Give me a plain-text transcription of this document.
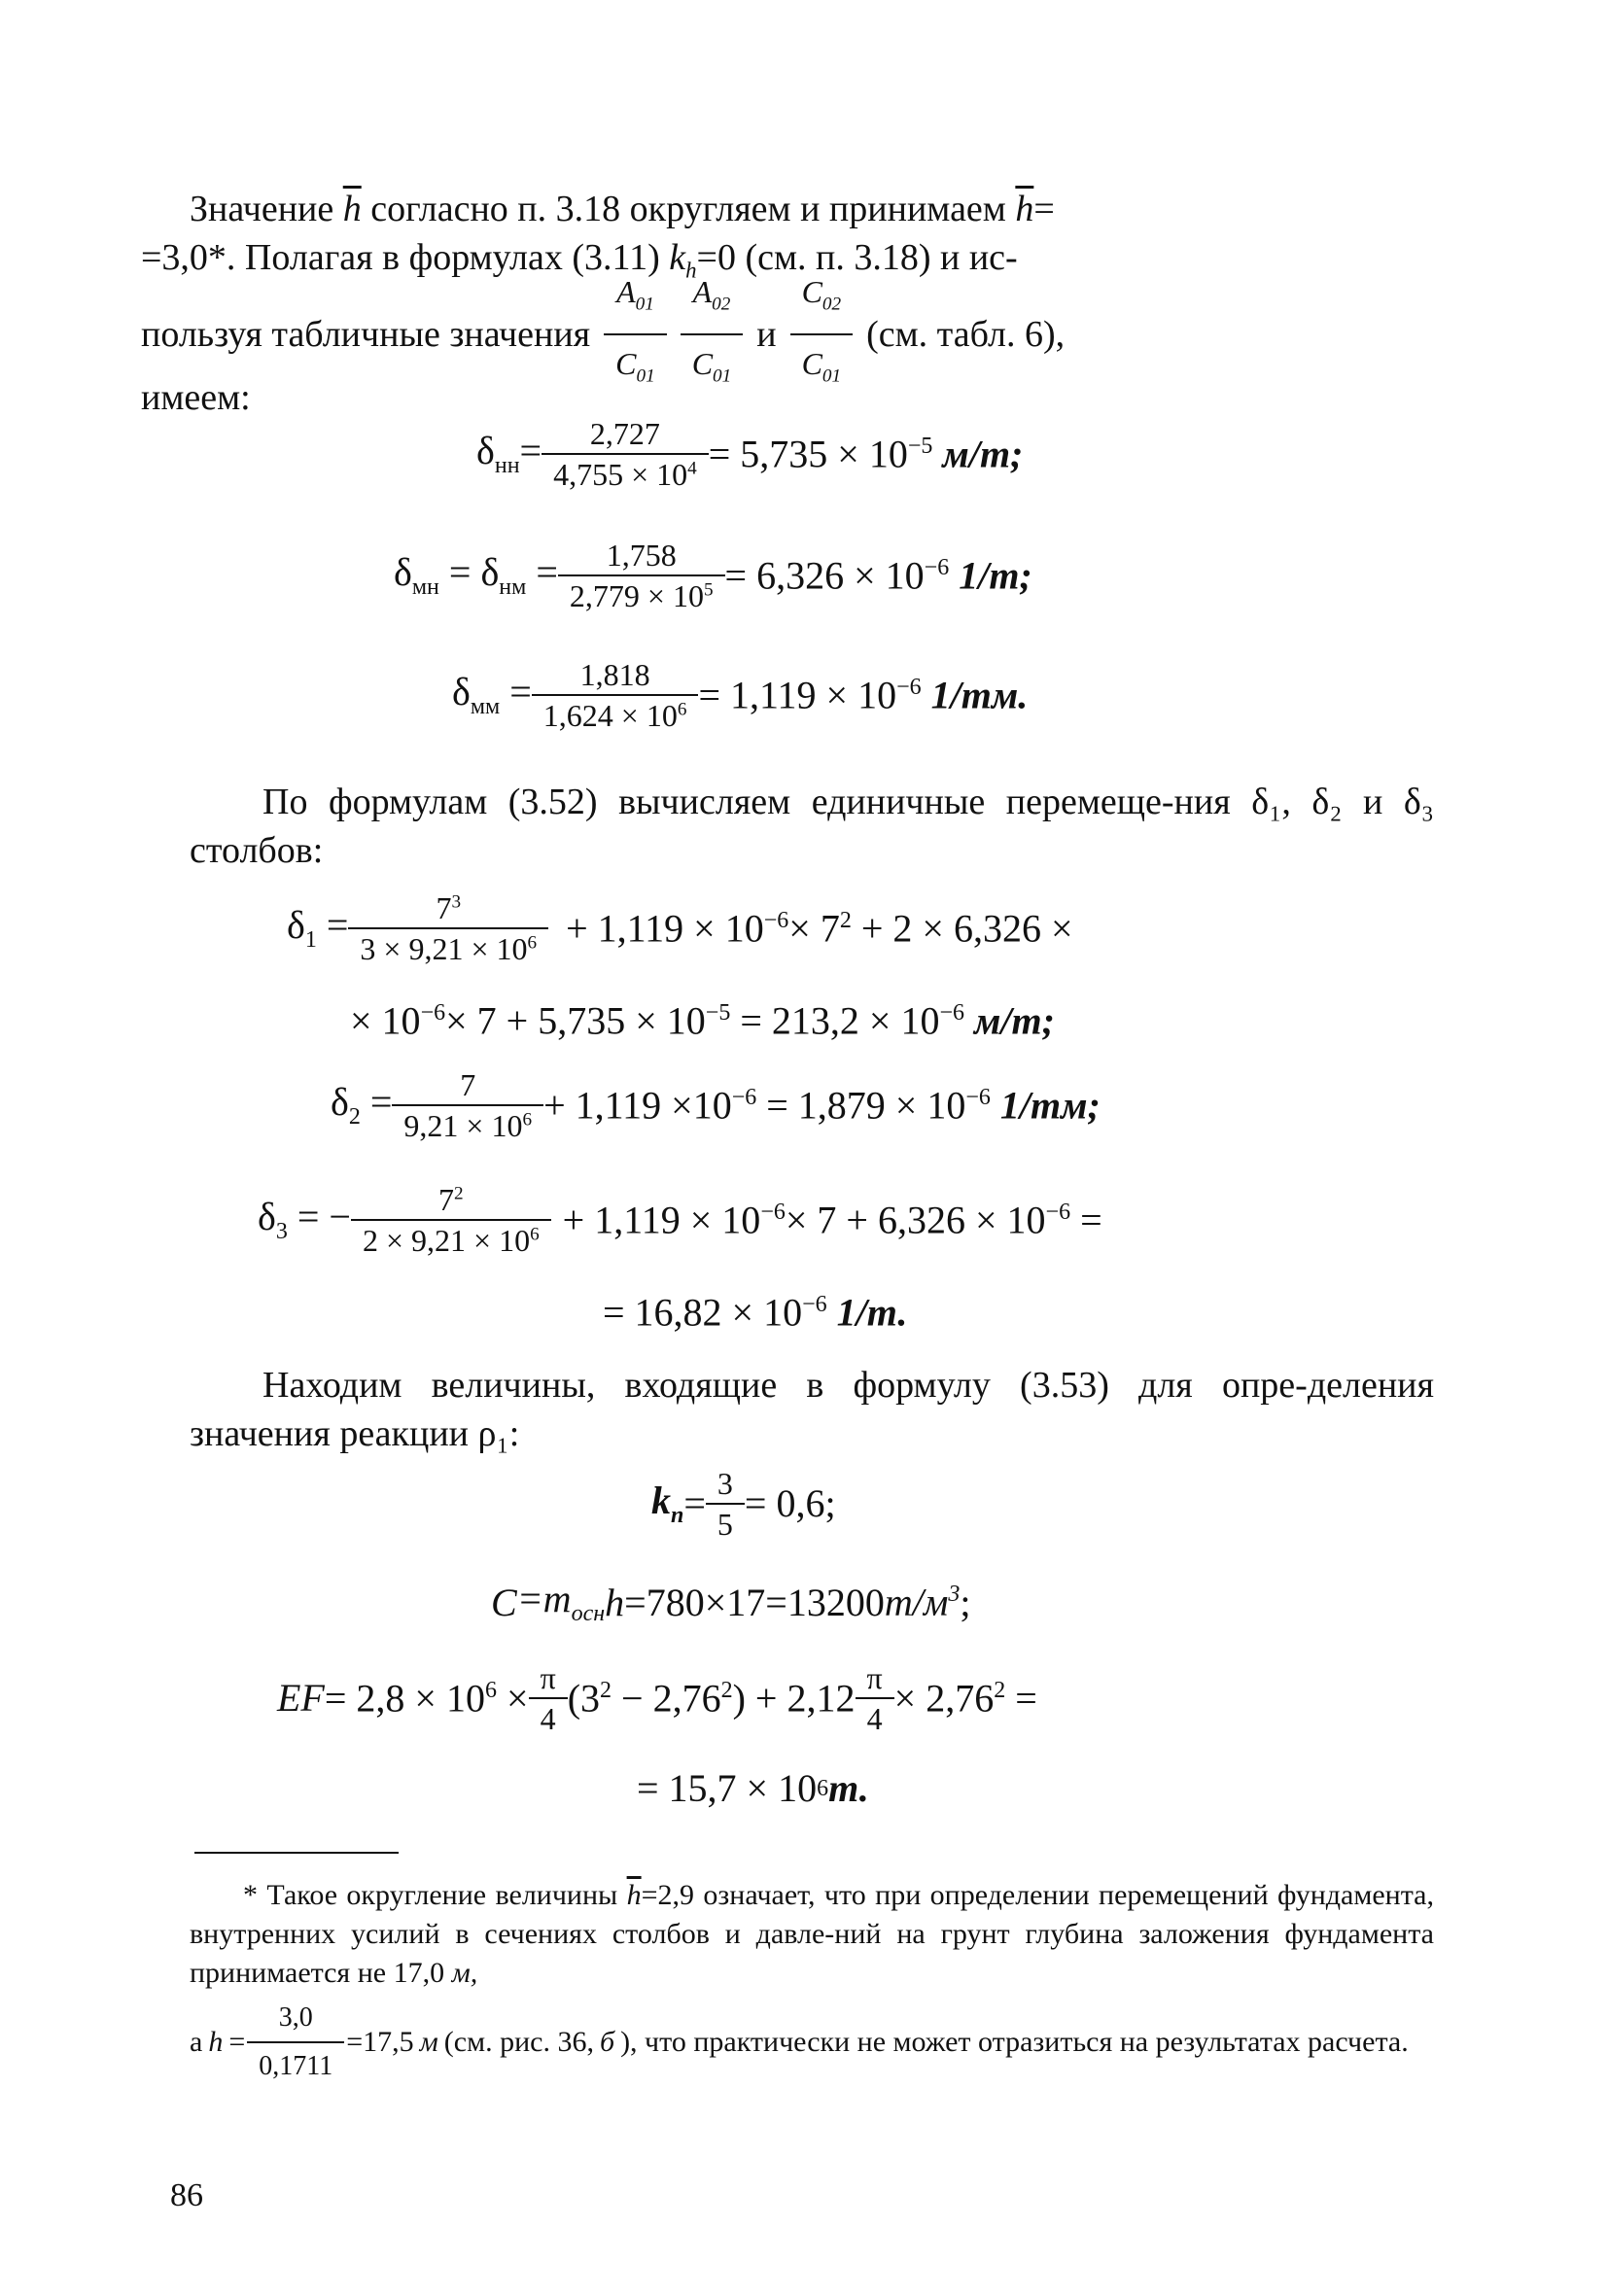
Значение $\overline{h}$ согласно п. 3.18 округляем и принимаем $\overline{h}=$
=3,0*. Полагая в формулах (3.11) $k_h=0$ (см. п. 3.18) и ис-
пользуя табличные значения $\frac{A_{01}}{C_{01}} \frac{A_{02}}{C_{01}}$ и $\frac{C_{02}}{C_{01}} (см$. табл. 6),
имеем:
$\delta_{нн}= \frac{2,727}{4,755 \times 10^4} = 5,735 \times 10^{-5}$ м/т;
$\delta_{мн} = \delta_{нм} = \frac{1,758}{2,779 \times 10^5} = 6,326 \times 10^{-6}$ 1/т;
$\delta_{мм} = \frac{1,818}{1,624 \times 10^6} = 1,119 \times 10^{-6}$ 1/тм.
По формулам (3.52) вычисляем единичные перемеще-ния δ₁, δ₂ и δ₃ столбов:
$\delta_1 = \frac{7^3}{3 \times 9,21 \times 10^6} + 1,119 \times 10^{-6}\times 7^2 + 2 \times 6,326$ ×
× $10^{-6}\times 7 + 5,735 \times 10^{-5} = 213,2 \times 10^{-6}$ м/т;
$\delta_2 = \frac{7}{9,21 \times 10^6} + 1,119 \times 10^{-6} = 1,879 \times 10^{-6}$ 1/тм;
$\delta_3$ = − $\frac{7^2}{2 \times 9,21 \times 10^6} + 1,119 \times 10^{-6}\times 7 + 6,326 \times 10^{-6}$ =
= $16,82 \times 10^{-6}$ 1/т.
Находим величины, входящие в формулу (3.53) для опре-деления значения реакции ρ₁:
$k_п = \frac{3}{5} = 0,6$;
$C =m_{осн}$ h =780×17=13200 $т/м^3$ ;
EF = $2,8 \times 10^6 \times \frac{\pi}{4} (3^2 - 2,76^2) + 2,12 \frac{\pi}{4} \times 2,76^2$ =
= 15,7 × 10 6 т.
* Такое округление величины $\overline{h}=2,9$ означает, что при определении перемещений фундамента, внутренних усилий в сечениях столбов и давле-ний на грунт глубина заложения фундамента принимается не 17,0 м,
а $h = \frac{3,0}{0,1711} =17,5$ м (см. рис. 36, б ), что практически не может отразиться на результатах расчета.
86
